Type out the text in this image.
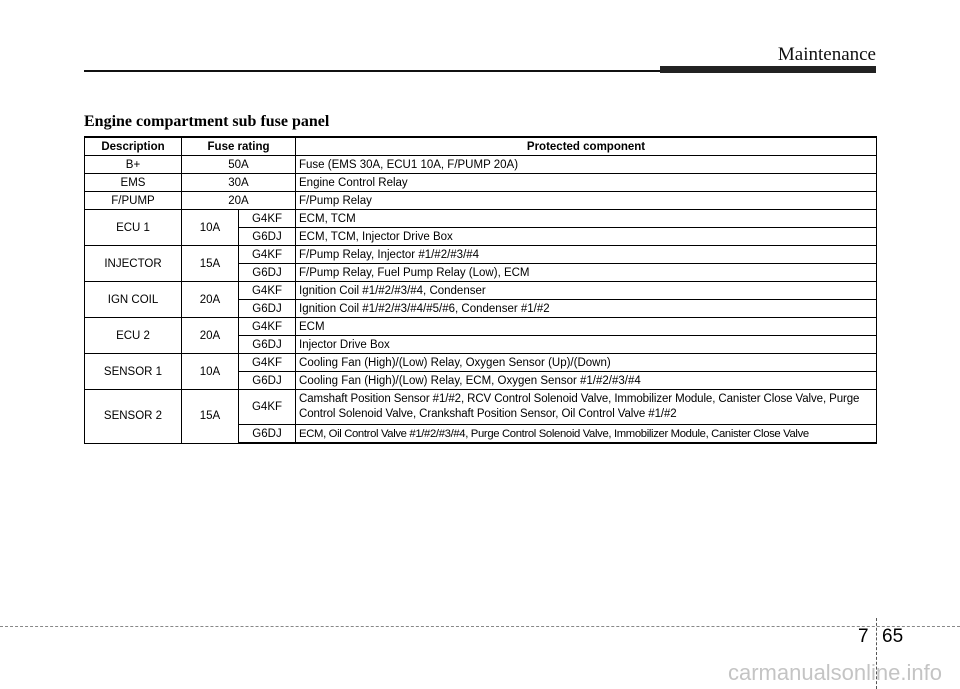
Maintenance
Engine compartment sub fuse panel
Description	Fuse rating		Protected component
B+	50A		Fuse (EMS 30A, ECU1 10A, F/PUMP 20A)
EMS	30A		Engine Control Relay
F/PUMP	20A		F/Pump Relay
ECU 1	10A	G4KF	ECM, TCM
		G6DJ	ECM, TCM, Injector Drive Box
INJECTOR	15A	G4KF	F/Pump Relay, Injector #1/#2/#3/#4
		G6DJ	F/Pump Relay, Fuel Pump Relay (Low), ECM
IGN COIL	20A	G4KF	Ignition Coil #1/#2/#3/#4, Condenser
		G6DJ	Ignition Coil #1/#2/#3/#4/#5/#6, Condenser #1/#2
ECU 2	20A	G4KF	ECM
		G6DJ	Injector Drive Box
SENSOR 1	10A	G4KF	Cooling Fan (High)/(Low) Relay, Oxygen Sensor (Up)/(Down)
		G6DJ	Cooling Fan (High)/(Low) Relay, ECM, Oxygen Sensor #1/#2/#3/#4
SENSOR 2	15A	G4KF	Camshaft Position Sensor #1/#2, RCV Control Solenoid Valve, Immobilizer Module, Canister Close Valve, Purge Control Solenoid Valve, Crankshaft Position Sensor, Oil Control Valve #1/#2
		G6DJ	ECM, Oil Control Valve #1/#2/#3/#4, Purge Control Solenoid Valve, Immobilizer Module, Canister Close Valve
7 65
carmanualsonline.info
